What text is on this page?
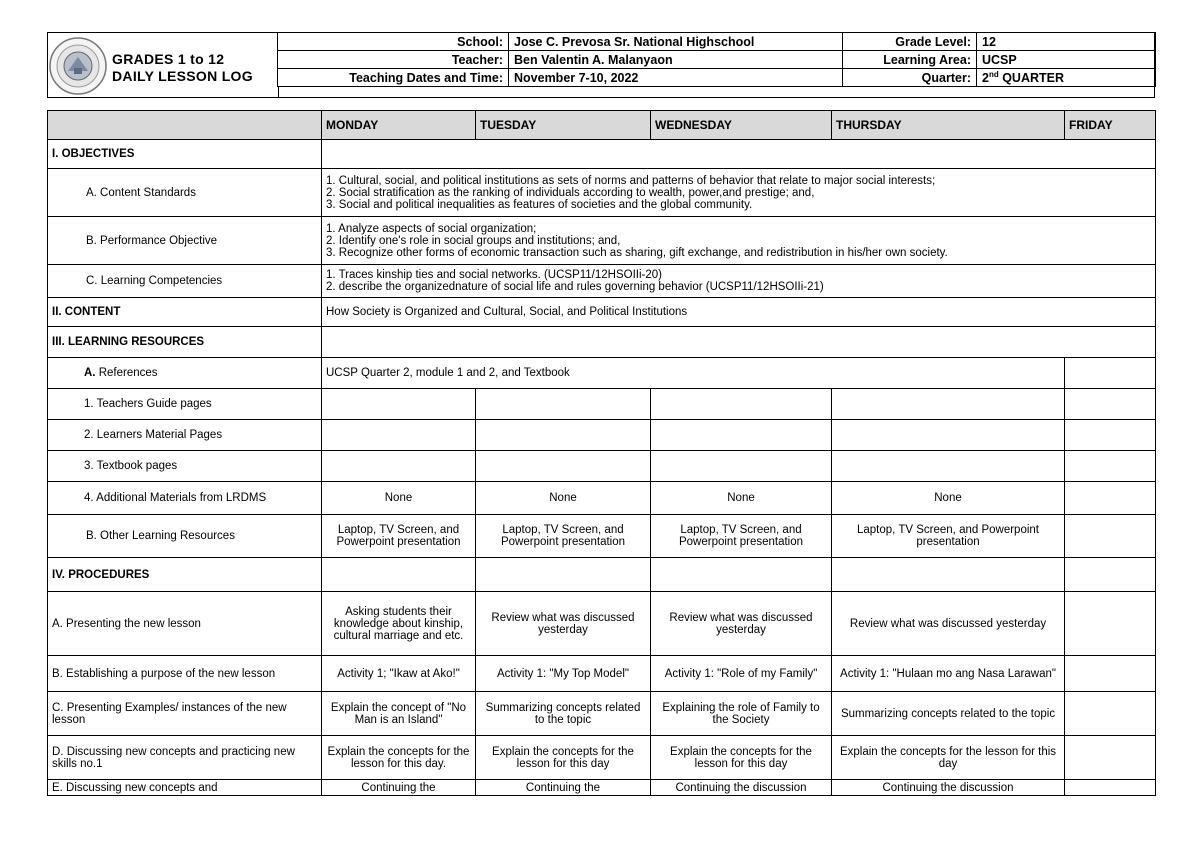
GRADES 1 to 12
DAILY LESSON LOG
School:	Jose C. Prevosa Sr. National Highschool	Grade Level:	12
Teacher:	Ben Valentin A. Malanyaon	Learning Area:	UCSP
Teaching Dates and Time:	November 7-10, 2022	Quarter:	2nd QUARTER
	MONDAY	TUESDAY	WEDNESDAY	THURSDAY	FRIDAY
I. OBJECTIVES					
A. Content Standards	1. Cultural, social, and political institutions as sets of norms and patterns of behavior that relate to major social interests;
2. Social stratification as the ranking of individuals according to wealth, power,and prestige; and,
3. Social and political inequalities as features of societies and the global community.				

B. Performance Objective	1. Analyze aspects of social organization;
2. Identify one's role in social groups and institutions; and,
3. Recognize other forms of economic transaction such as sharing, gift exchange, and redistribution in his/her own society.				

C. Learning Competencies	1. Traces kinship ties and social networks. (UCSP11/12HSOIIi-20)
2. describe the organizednature of social life and rules governing behavior (UCSP11/12HSOIIi-21)				

II. CONTENT	How Society is Organized and Cultural, Social, and Political Institutions				
III. LEARNING RESOURCES					
A. References	UCSP Quarter 2, module 1 and 2, and Textbook				
1. Teachers Guide pages					
2. Learners Material Pages					
3. Textbook pages					
4. Additional Materials from LRDMS	None	None	None	None	
B. Other Learning Resources	Laptop, TV Screen, and Powerpoint presentation	Laptop, TV Screen, and Powerpoint presentation	Laptop, TV Screen, and Powerpoint presentation	Laptop, TV Screen, and Powerpoint presentation	
IV. PROCEDURES					
A. Presenting the new lesson	Asking students their knowledge about kinship, cultural marriage and etc.	Review what was discussed yesterday	Review what was discussed yesterday	Review what was discussed yesterday	
B. Establishing a purpose of the new lesson	Activity 1; "Ikaw at Ako!"	Activity 1: "My Top Model"	Activity 1: "Role of my Family"	Activity 1: "Hulaan mo ang Nasa Larawan"	
C. Presenting Examples/ instances of the new lesson	Explain the concept of "No Man is an Island"	Summarizing concepts related to the topic	Explaining the role of Family to the Society	Summarizing concepts related to the topic	
D. Discussing new concepts and practicing new skills no.1	Explain the concepts for the lesson for this day.	Explain the concepts for the lesson for this day	Explain the concepts for the lesson for this day	Explain the concepts for the lesson for this day	
E. Discussing new concepts and	Continuing the	Continuing the	Continuing the discussion	Continuing the discussion	
